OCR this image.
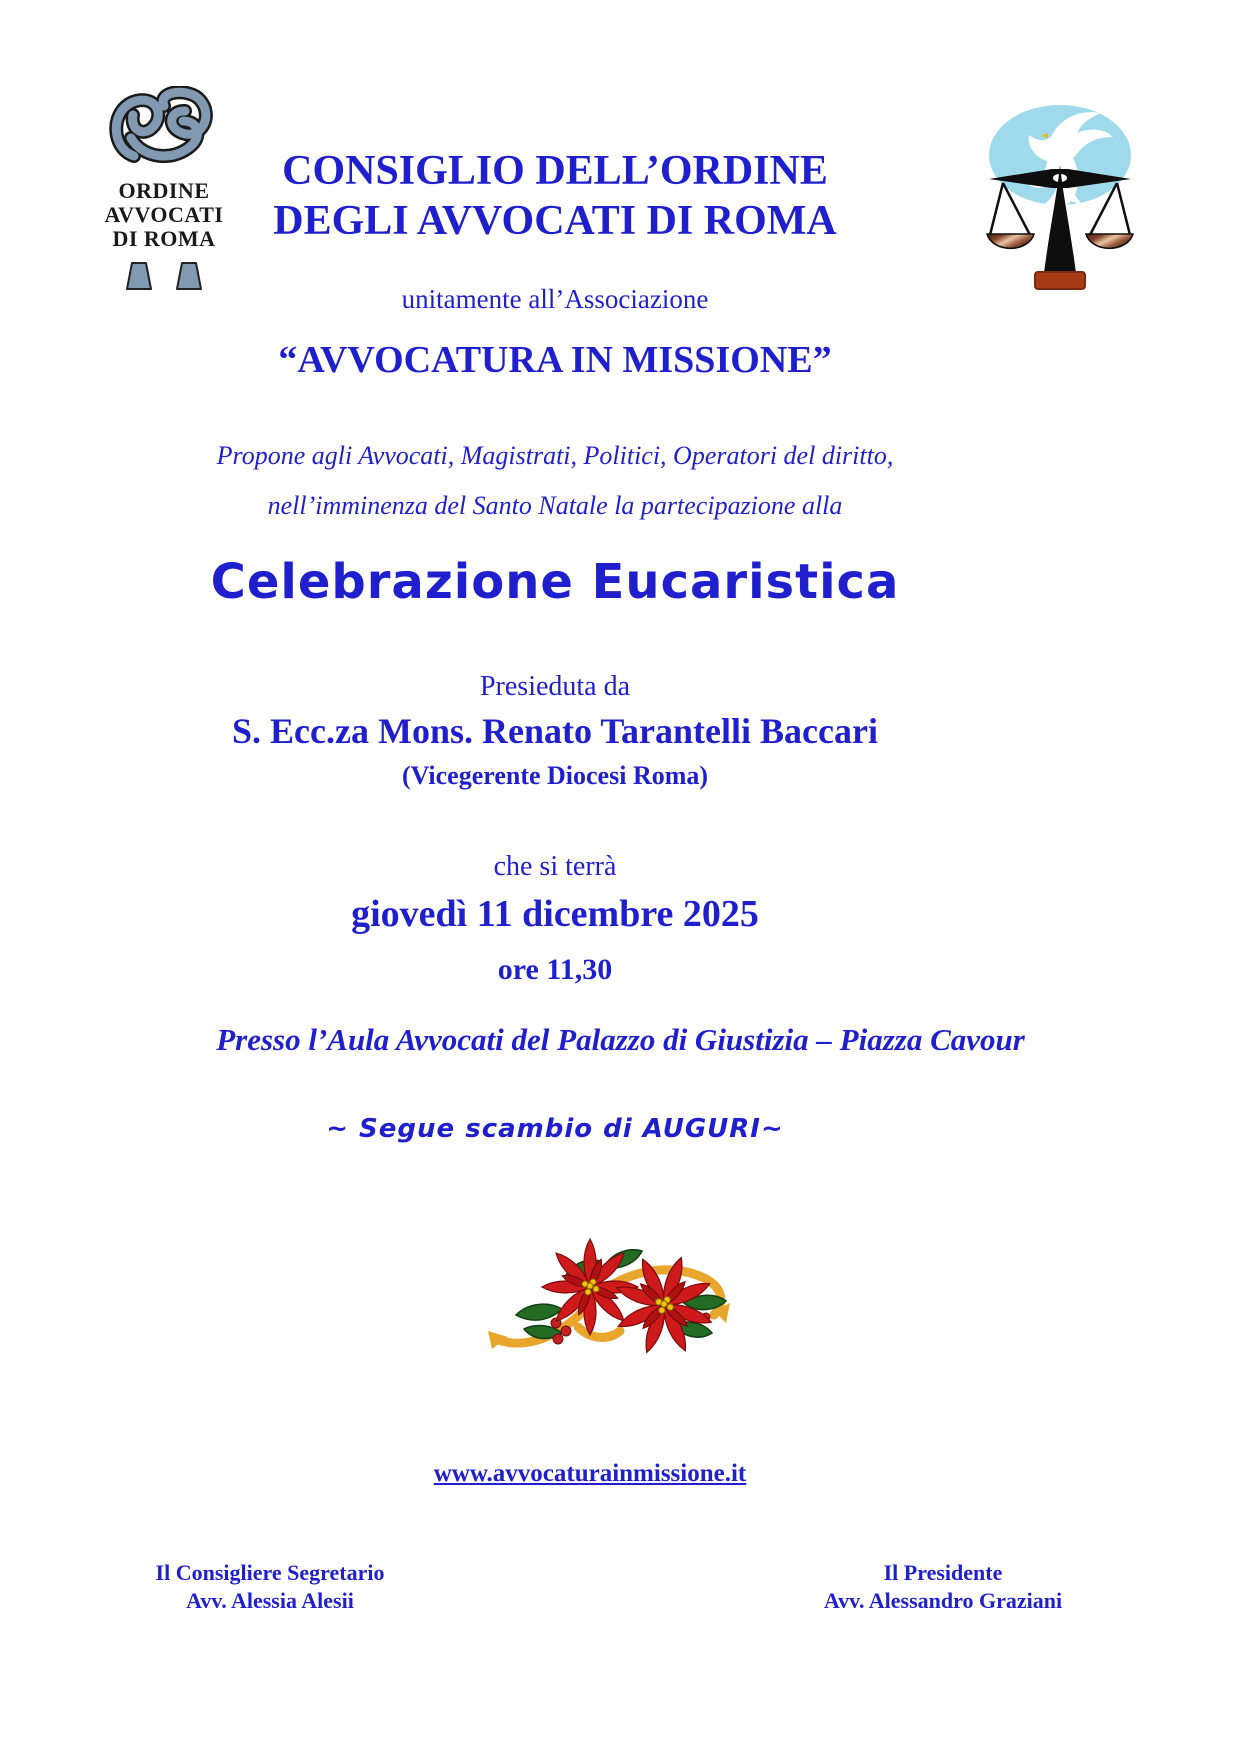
ORDINE
AVVOCATI
DI ROMA
CONSIGLIO DELL’ORDINE
DEGLI AVVOCATI DI ROMA
unitamente all’Associazione
“AVVOCATURA IN MISSIONE”
Propone agli Avvocati, Magistrati, Politici, Operatori del diritto,
nell’imminenza del Santo Natale la partecipazione alla
Celebrazione Eucaristica
Presieduta da
S. Ecc.za Mons. Renato Tarantelli Baccari
(Vicegerente Diocesi Roma)
che si terrà
giovedì 11 dicembre 2025
ore 11,30
Presso l’Aula Avvocati del Palazzo di Giustizia – Piazza Cavour
~ Segue scambio di AUGURI~
www.avvocaturainmissione.it
Il Consigliere Segretario
Avv. Alessia Alesii
Il Presidente
Avv. Alessandro Graziani
